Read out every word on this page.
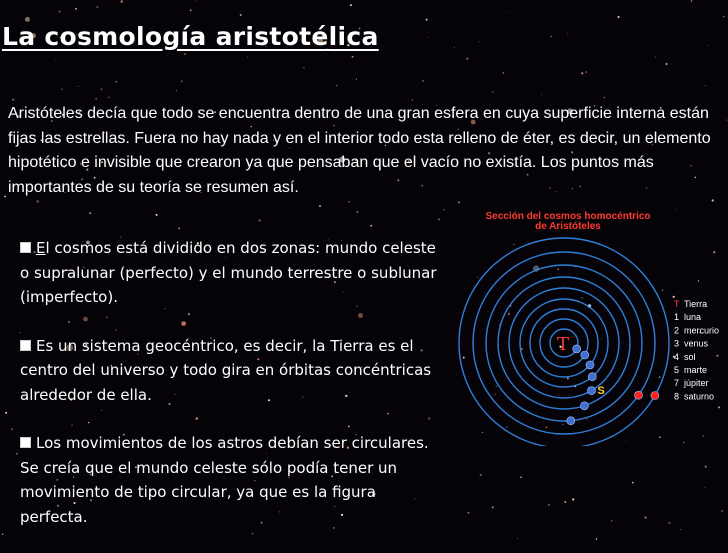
La cosmología aristotélica
Aristóteles decía que todo se encuentra dentro de una gran esfera en cuya superficie interna están fijas las estrellas. Fuera no hay nada y en el interior todo esta relleno de éter, es decir, un elemento hipotético e invisible que crearon ya que pensaban que el vacío no existía. Los puntos más importantes de su teoría se resumen así.
El cosmos está dividido en dos zonas: mundo celeste o supralunar (perfecto) y el mundo terrestre o sublunar (imperfecto).
Es un sistema geocéntrico, es decir, la Tierra es el centro del universo y todo gira en órbitas concéntricas alrededor de ella.
Los movimientos de los astros debían ser circulares. Se creía que el mundo celeste sólo podía tener un movimiento de tipo circular, ya que es la figura perfecta.
Sección del cosmos homocéntrico
de Aristóteles
T
S
T Tierra
1 luna
2 mercurio
3 venus
4 sol
5 marte
7 júpiter
8 saturno
